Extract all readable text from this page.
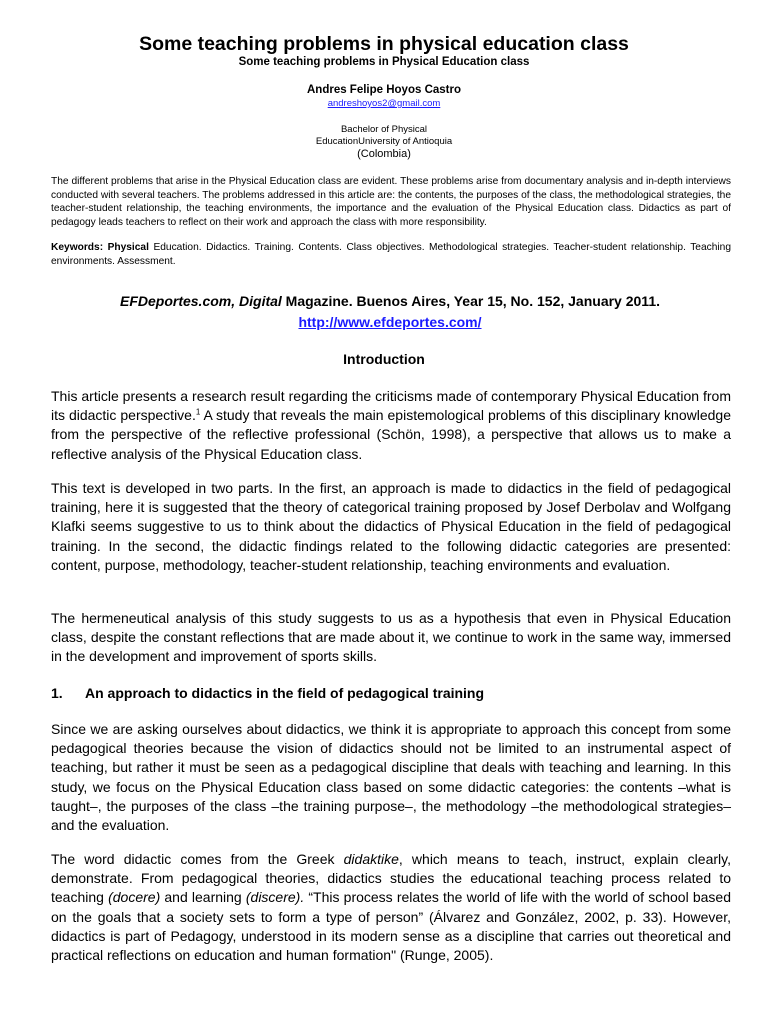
Some teaching problems in physical education class
Some teaching problems in Physical Education class
Andres Felipe Hoyos Castro
andreshoyos2@gmail.com
Bachelor of Physical
EducationUniversity of Antioquia
(Colombia)
The different problems that arise in the Physical Education class are evident. These problems arise from documentary analysis and in-depth interviews conducted with several teachers. The problems addressed in this article are: the contents, the purposes of the class, the methodological strategies, the teacher-student relationship, the teaching environments, the importance and the evaluation of the Physical Education class. Didactics as part of pedagogy leads teachers to reflect on their work and approach the class with more responsibility.
Keywords: Physical Education. Didactics. Training. Contents. Class objectives. Methodological strategies. Teacher-student relationship. Teaching environments. Assessment.
EFDeportes.com, Digital Magazine. Buenos Aires, Year 15, No. 152, January 2011. http://www.efdeportes.com/
Introduction
This article presents a research result regarding the criticisms made of contemporary Physical Education from its didactic perspective.$^1$ A study that reveals the main epistemological problems of this disciplinary knowledge from the perspective of the reflective professional (Schön, 1998), a perspective that allows us to make a reflective analysis of the Physical Education class.
This text is developed in two parts. In the first, an approach is made to didactics in the field of pedagogical training, here it is suggested that the theory of categorical training proposed by Josef Derbolav and Wolfgang Klafki seems suggestive to us to think about the didactics of Physical Education in the field of pedagogical training. In the second, the didactic findings related to the following didactic categories are presented: content, purpose, methodology, teacher-student relationship, teaching environments and evaluation.
The hermeneutical analysis of this study suggests to us as a hypothesis that even in Physical Education class, despite the constant reflections that are made about it, we continue to work in the same way, immersed in the development and improvement of sports skills.
1. An approach to didactics in the field of pedagogical training
Since we are asking ourselves about didactics, we think it is appropriate to approach this concept from some pedagogical theories because the vision of didactics should not be limited to an instrumental aspect of teaching, but rather it must be seen as a pedagogical discipline that deals with teaching and learning. In this study, we focus on the Physical Education class based on some didactic categories: the contents –what is taught–, the purposes of the class –the training purpose–, the methodology –the methodological strategies– and the evaluation.
The word didactic comes from the Greek didaktike, which means to teach, instruct, explain clearly, demonstrate. From pedagogical theories, didactics studies the educational teaching process related to teaching (docere) and learning (discere). “This process relates the world of life with the world of school based on the goals that a society sets to form a type of person” (Álvarez and González, 2002, p. 33). However, didactics is part of Pedagogy, understood in its modern sense as a discipline that carries out theoretical and practical reflections on education and human formation" (Runge, 2005).
